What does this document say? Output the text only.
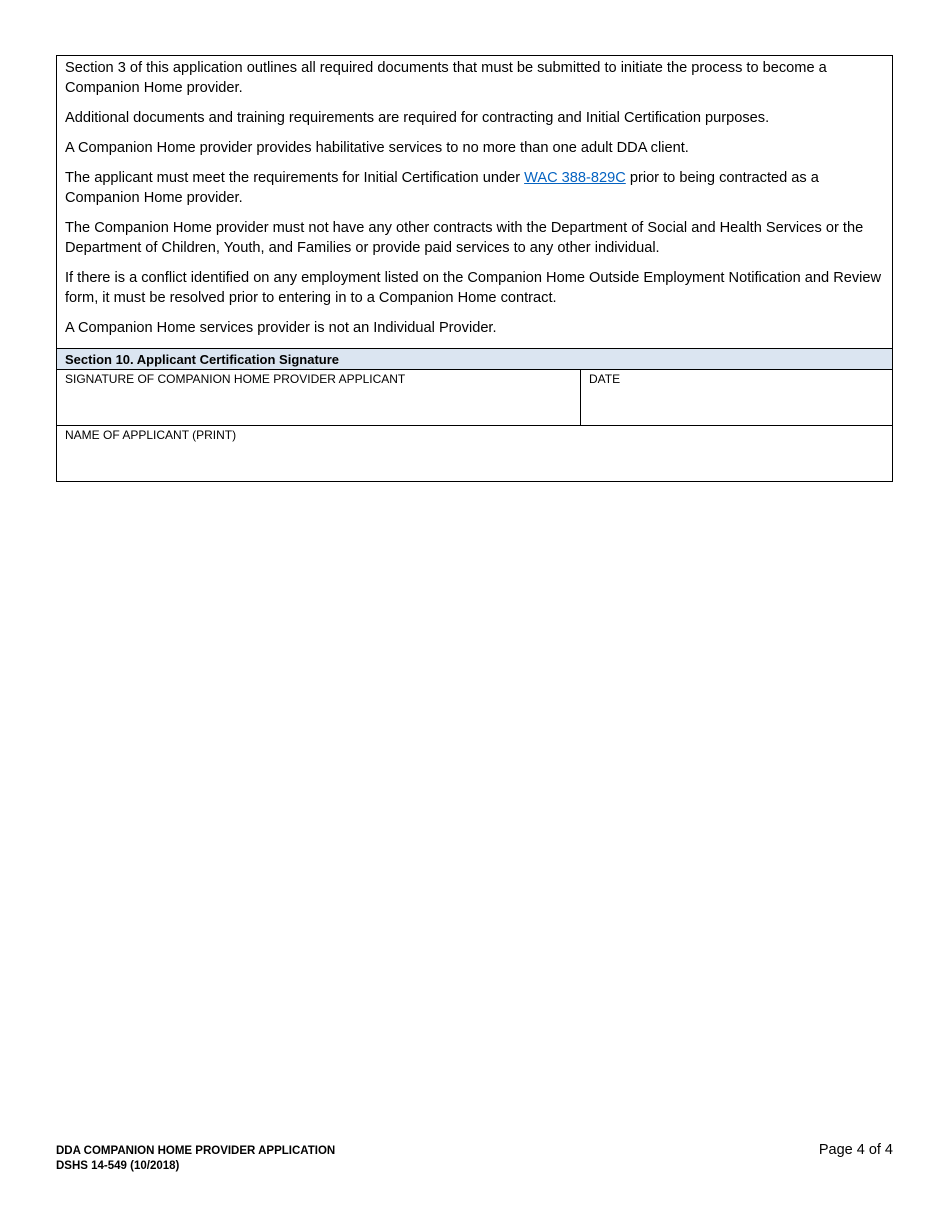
Section 3 of this application outlines all required documents that must be submitted to initiate the process to become a Companion Home provider.

Additional documents and training requirements are required for contracting and Initial Certification purposes.

A Companion Home provider provides habilitative services to no more than one adult DDA client.

The applicant must meet the requirements for Initial Certification under WAC 388-829C prior to being contracted as a Companion Home provider.

The Companion Home provider must not have any other contracts with the Department of Social and Health Services or the Department of Children, Youth, and Families or provide paid services to any other individual.

If there is a conflict identified on any employment listed on the Companion Home Outside Employment Notification and Review form, it must be resolved prior to entering in to a Companion Home contract.

A Companion Home services provider is not an Individual Provider.

Section 10. Applicant Certification Signature
SIGNATURE OF COMPANION HOME PROVIDER APPLICANT	DATE
NAME OF APPLICANT (PRINT)
DDA COMPANION HOME PROVIDER APPLICATION
DSHS 14-549 (10/2018)
Page 4 of 4
